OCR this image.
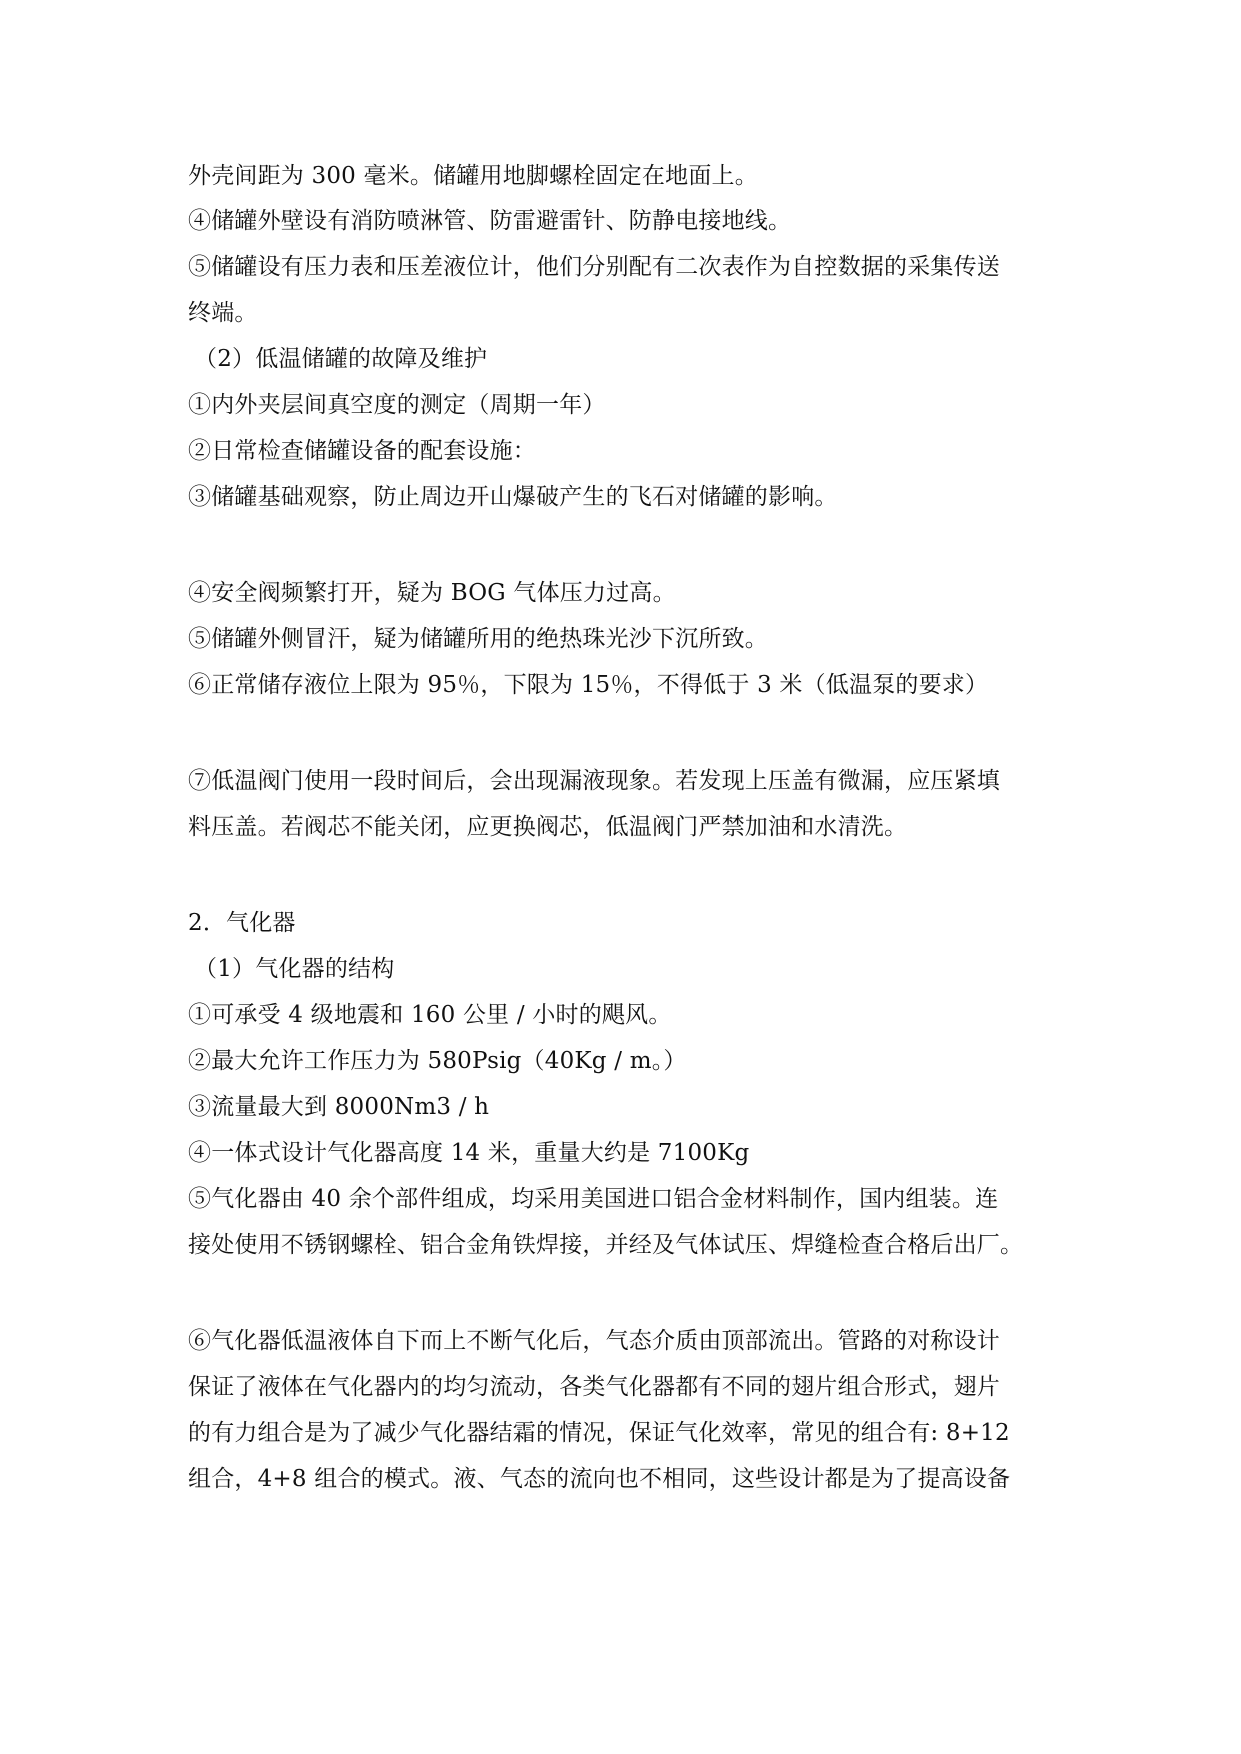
外壳间距为 300 毫米。储罐用地脚螺栓固定在地面上。
④储罐外壁设有消防喷淋管、防雷避雷针、防静电接地线。
⑤储罐设有压力表和压差液位计，他们分别配有二次表作为自控数据的采集传送
终端。
（2）低温储罐的故障及维护
①内外夹层间真空度的测定（周期一年）
②日常检查储罐设备的配套设施：
③储罐基础观察，防止周边开山爆破产生的飞石对储罐的影响。
④安全阀频繁打开，疑为 BOG 气体压力过高。
⑤储罐外侧冒汗，疑为储罐所用的绝热珠光沙下沉所致。
⑥正常储存液位上限为 95％，下限为 15％，不得低于 3 米（低温泵的要求）
⑦低温阀门使用一段时间后，会出现漏液现象。若发现上压盖有微漏，应压紧填
料压盖。若阀芯不能关闭，应更换阀芯，低温阀门严禁加油和水清洗。
2．气化器
（1）气化器的结构
①可承受 4 级地震和 160 公里 / 小时的飓风。
②最大允许工作压力为 580Psig（40Kg / m。）
③流量最大到 8000Nm3 / h
④一体式设计气化器高度 14 米，重量大约是 7100Kg
⑤气化器由 40 余个部件组成，均采用美国进口铝合金材料制作，国内组装。连
接处使用不锈钢螺栓、铝合金角铁焊接，并经及气体试压、焊缝检查合格后出厂。
⑥气化器低温液体自下而上不断气化后，气态介质由顶部流出。管路的对称设计
保证了液体在气化器内的均匀流动，各类气化器都有不同的翅片组合形式，翅片
的有力组合是为了减少气化器结霜的情况，保证气化效率，常见的组合有: 8+12
组合，4+8 组合的模式。液、气态的流向也不相同，这些设计都是为了提高设备
